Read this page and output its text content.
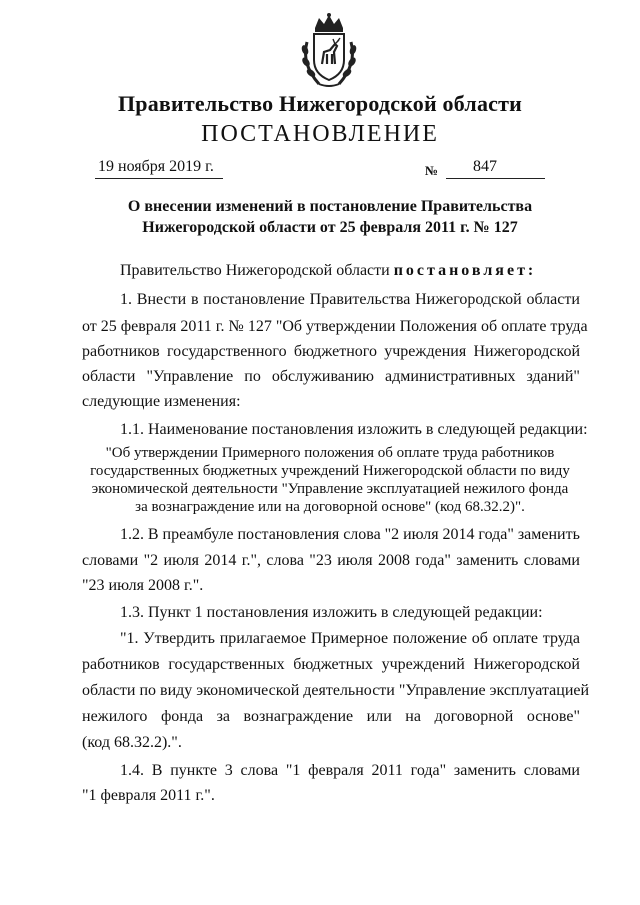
Правительство Нижегородской области
ПОСТАНОВЛЕНИЕ
19 ноября 2019 г.	№ 847
О внесении изменений в постановление Правительства
Нижегородской области от 25 февраля 2011 г. № 127
Правительство Нижегородской области постановляет:
1. Внести в постановление Правительства Нижегородской области
от 25 февраля 2011 г. № 127 "Об утверждении Положения об оплате труда
работников государственного бюджетного учреждения Нижегородской
области "Управление по обслуживанию административных зданий"
следующие изменения:
1.1. Наименование постановления изложить в следующей редакции:
"Об утверждении Примерного положения об оплате труда работников
государственных бюджетных учреждений Нижегородской области по виду
экономической деятельности "Управление эксплуатацией нежилого фонда
за вознаграждение или на договорной основе" (код 68.32.2)".
1.2. В преамбуле постановления слова "2 июля 2014 года" заменить
словами "2 июля 2014 г.", слова "23 июля 2008 года" заменить словами
"23 июля 2008 г.".
1.3. Пункт 1 постановления изложить в следующей редакции:
"1. Утвердить прилагаемое Примерное положение об оплате труда
работников государственных бюджетных учреждений Нижегородской
области по виду экономической деятельности "Управление эксплуатацией
нежилого фонда за вознаграждение или на договорной основе"
(код 68.32.2).".
1.4. В пункте 3 слова "1 февраля 2011 года" заменить словами
"1 февраля 2011 г.".
